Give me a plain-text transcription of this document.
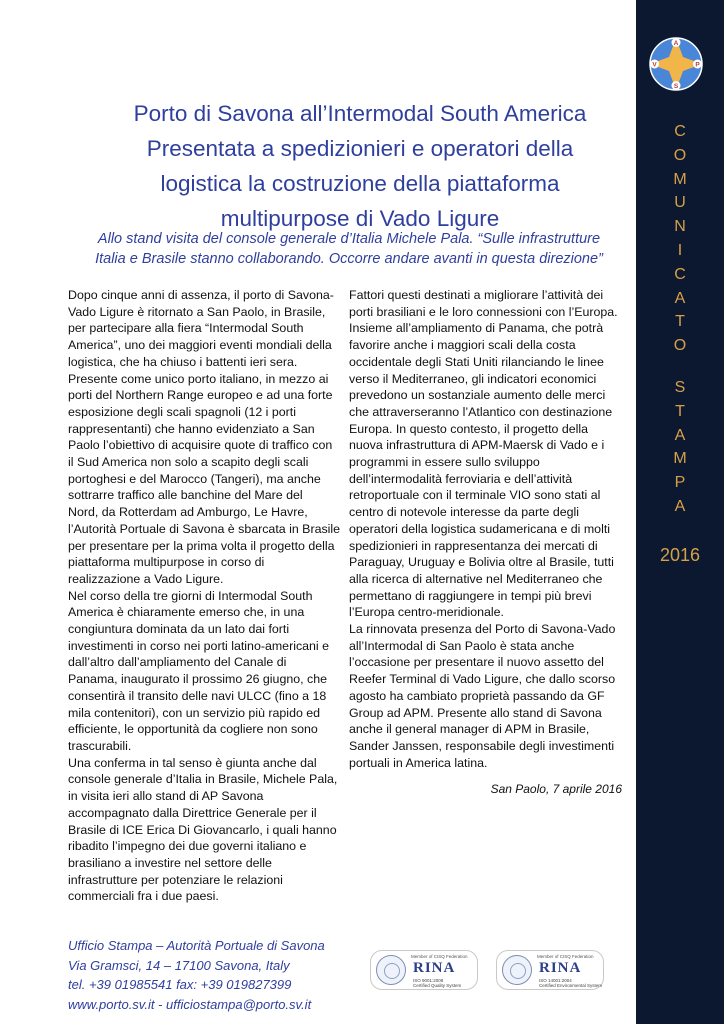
A
V	P
S
C
O
M
U
N
I
C
A
T
O
S
T
A
M
P
A
2016
Porto di Savona all’Intermodal South America
Presentata a spedizionieri e operatori della
logistica la costruzione della piattaforma
multipurpose di Vado Ligure
Allo stand visita del console generale d’Italia Michele Pala. “Sulle infrastrutture
Italia e Brasile stanno collaborando. Occorre andare avanti in questa direzione”

Dopo cinque anni di assenza, il porto di Savona-

Vado Ligure è ritornato a San Paolo, in Brasile,

per partecipare alla fiera “Intermodal South

America”, uno dei maggiori eventi mondiali della

logistica, che ha chiuso i battenti ieri sera.

Presente come unico porto italiano, in mezzo ai

porti del Northern Range europeo e ad una forte

esposizione degli scali spagnoli (12 i porti

rappresentanti) che hanno evidenziato a San

Paolo l’obiettivo di acquisire quote di traffico con

il Sud America non solo a scapito degli scali

portoghesi e del Marocco (Tangeri), ma anche

sottrarre traffico alle banchine del Mare del

Nord, da Rotterdam ad Amburgo, Le Havre,

l’Autorità Portuale di Savona è sbarcata in Brasile

per presentare per la prima volta il progetto della

piattaforma multipurpose in corso di

realizzazione a Vado Ligure.

Nel corso della tre giorni di Intermodal South

America è chiaramente emerso che, in una

congiuntura dominata da un lato dai forti

investimenti in corso nei porti latino-americani e

dall’altro dall’ampliamento del Canale di

Panama, inaugurato il prossimo 26 giugno, che

consentirà il transito delle navi ULCC (fino a 18

mila contenitori), con un servizio più rapido ed

efficiente, le opportunità da cogliere non sono

trascurabili.

Una conferma in tal senso è giunta anche dal

console generale d’Italia in Brasile, Michele Pala,

in visita ieri allo stand di AP Savona

accompagnato dalla Direttrice Generale per il

Brasile di ICE Erica Di Giovancarlo, i quali hanno

ribadito l’impegno dei due governi italiano e

brasiliano a investire nel settore delle

infrastrutture per potenziare le relazioni

commerciali fra i due paesi.

Fattori questi destinati a migliorare l’attività dei

porti brasiliani e le loro connessioni con l’Europa.

Insieme all’ampliamento di Panama, che potrà

favorire anche i maggiori scali della costa

occidentale degli Stati Uniti rilanciando le linee

verso il Mediterraneo, gli indicatori economici

prevedono un sostanziale aumento delle merci

che attraverseranno l’Atlantico con destinazione

Europa. In questo contesto, il progetto della

nuova infrastruttura di APM-Maersk di Vado e i

programmi in essere sullo sviluppo

dell’intermodalità ferroviaria e dell’attività

retroportuale con il terminale VIO sono stati al

centro di notevole interesse da parte degli

operatori della logistica sudamericana e di molti

spedizionieri in rappresentanza dei mercati di

Paraguay, Uruguay e Bolivia oltre al Brasile, tutti

alla ricerca di alternative nel Mediterraneo che

permettano di raggiungere in tempi più brevi

l’Europa centro-meridionale.

La rinnovata presenza del Porto di Savona-Vado

all’Intermodal di San Paolo è stata anche

l’occasione per presentare il nuovo assetto del

Reefer Terminal di Vado Ligure, che dallo scorso

agosto ha cambiato proprietà passando da GF

Group ad APM. Presente allo stand di Savona

anche il general manager di APM in Brasile,

Sander Janssen, responsabile degli investimenti

portuali in America latina.

San Paolo, 7 aprile 2016
Ufficio Stampa – Autorità Portuale di Savona
Via Gramsci, 14 – 17100 Savona, Italy
tel. +39 01985541 fax: +39 019827399
www.porto.sv.it - ufficiostampa@porto.sv.it
Member of CISQ Federation
RINA
ISO 9001:2008
Certified Quality System
Member of CISQ Federation
RINA
ISO 14001:2004
Certified Environmental System
